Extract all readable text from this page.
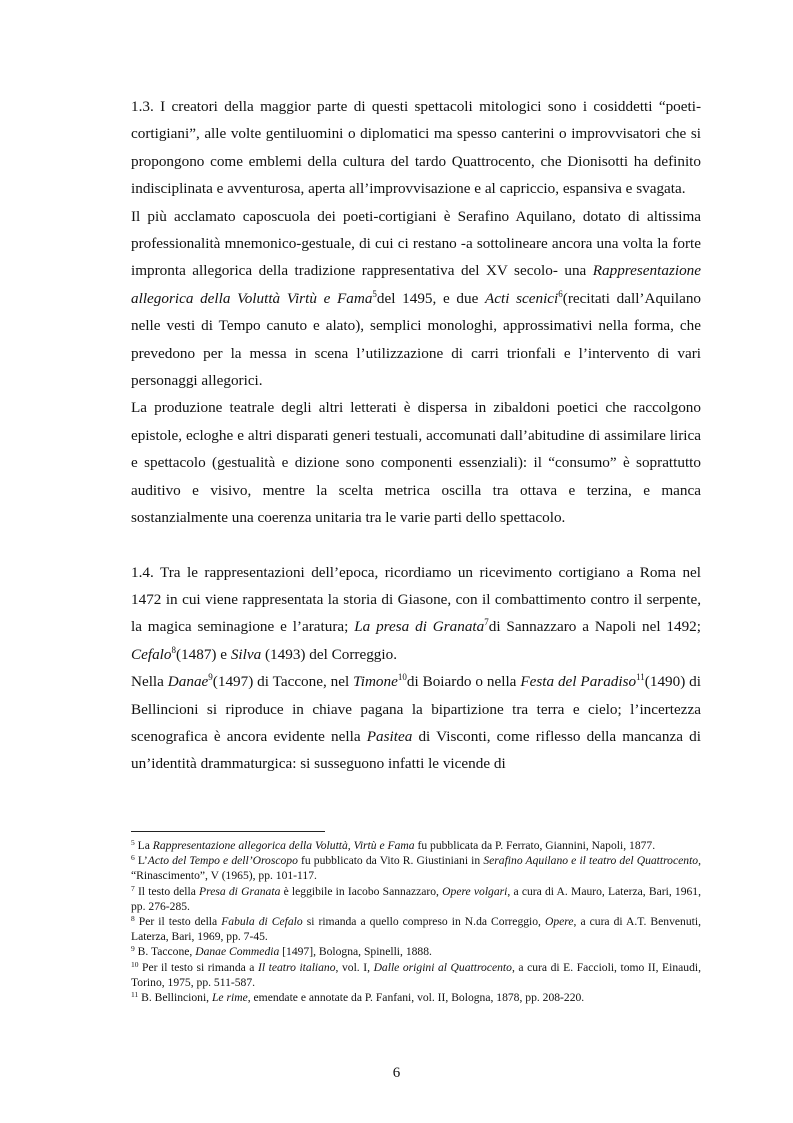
1.3. I creatori della maggior parte di questi spettacoli mitologici sono i cosiddetti “poeti-cortigiani”, alle volte gentiluomini o diplomatici ma spesso canterini o improvvisatori che si propongono come emblemi della cultura del tardo Quattrocento, che Dionisotti ha definito indisciplinata e avventurosa, aperta all’improvvisazione e al capriccio, espansiva e svagata.

Il più acclamato caposcuola dei poeti-cortigiani è Serafino Aquilano, dotato di altissima professionalità mnemonico-gestuale, di cui ci restano -a sottolineare ancora una volta la forte impronta allegorica della tradizione rappresentativa del XV secolo- una Rappresentazione allegorica della Voluttà Virtù e Fama$^5$del 1495, e due Acti scenici$^6$(recitati dall’Aquilano nelle vesti di Tempo canuto e alato), semplici monologhi, approssimativi nella forma, che prevedono per la messa in scena l’utilizzazione di carri trionfali e l’intervento di vari personaggi allegorici.

La produzione teatrale degli altri letterati è dispersa in zibaldoni poetici che raccolgono epistole, ecloghe e altri disparati generi testuali, accomunati dall’abitudine di assimilare lirica e spettacolo (gestualità e dizione sono componenti essenziali): il “consumo” è soprattutto auditivo e visivo, mentre la scelta metrica oscilla tra ottava e terzina, e manca sostanzialmente una coerenza unitaria tra le varie parti dello spettacolo.

1.4. Tra le rappresentazioni dell’epoca, ricordiamo un ricevimento cortigiano a Roma nel 1472 in cui viene rappresentata la storia di Giasone, con il combattimento contro il serpente, la magica seminagione e l’aratura; La presa di Granata$^7$di Sannazzaro a Napoli nel 1492; Cefalo$^8$(1487) e Silva (1493) del Correggio.

Nella Danae$^9$(1497) di Taccone, nel Timone$^{10}$di Boiardo o nella Festa del Paradiso$^{11}$(1490) di Bellincioni si riproduce in chiave pagana la bipartizione tra terra e cielo; l’incertezza scenografica è ancora evidente nella Pasitea di Visconti, come riflesso della mancanza di un’identità drammaturgica: si susseguono infatti le vicende di

$^5$ La Rappresentazione allegorica della Voluttà, Virtù e Fama fu pubblicata da P. Ferrato, Giannini, Napoli, 1877.

$^6$ L’Acto del Tempo e dell’Oroscopo fu pubblicato da Vito R. Giustiniani in Serafino Aquilano e il teatro del Quattrocento, “Rinascimento”, V (1965), pp. 101-117.

$^7$ Il testo della Presa di Granata è leggibile in Iacobo Sannazzaro, Opere volgari, a cura di A. Mauro, Laterza, Bari, 1961, pp. 276-285.

$^8$ Per il testo della Fabula di Cefalo si rimanda a quello compreso in N.da Correggio, Opere, a cura di A.T. Benvenuti, Laterza, Bari, 1969, pp. 7-45.

$^9$ B. Taccone, Danae Commedia [1497], Bologna, Spinelli, 1888.

$^{10}$ Per il testo si rimanda a Il teatro italiano, vol. I, Dalle origini al Quattrocento, a cura di E. Faccioli, tomo II, Einaudi, Torino, 1975, pp. 511-587.

$^{11}$ B. Bellincioni, Le rime, emendate e annotate da P. Fanfani, vol. II, Bologna, 1878, pp. 208-220.

6
